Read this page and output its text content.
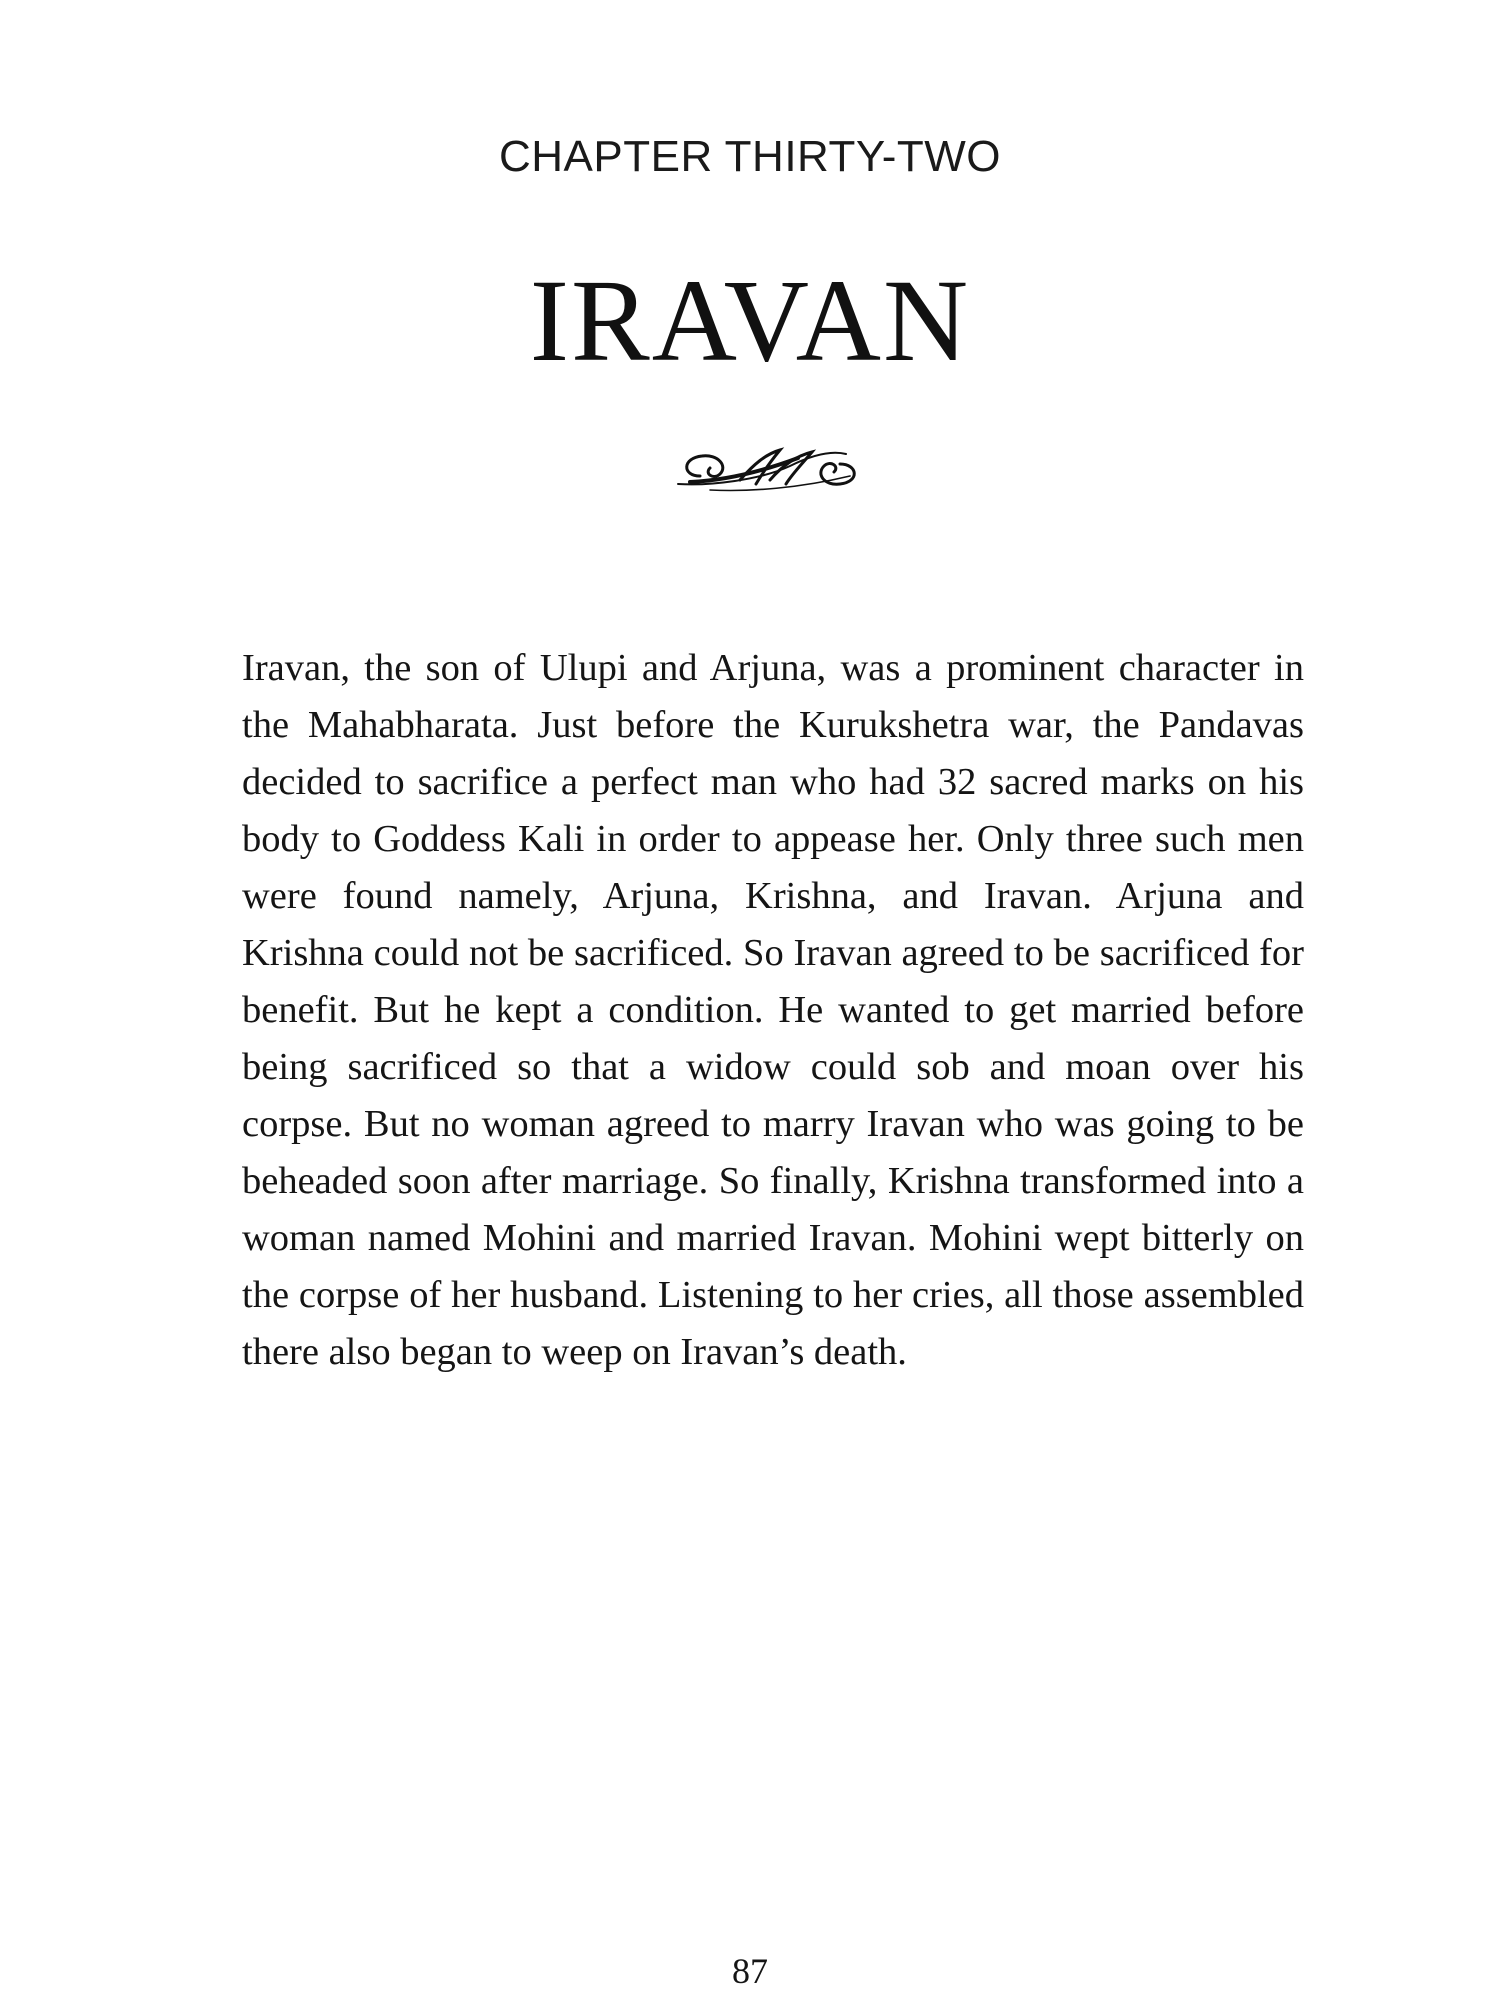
CHAPTER THIRTY-TWO
IRAVAN

Iravan, the son of Ulupi and Arjuna, was a prominent character in the Mahabharata. Just before the Kurukshetra war, the Pandavas decided to sacrifice a perfect man who had 32 sacred marks on his body to Goddess Kali in order to appease her. Only three such men were found namely, Arjuna, Krishna, and Iravan. Arjuna and Krishna could not be sacrificed. So Iravan agreed to be sacrificed for benefit. But he kept a condition. He wanted to get married before being sacrificed so that a widow could sob and moan over his corpse. But no woman agreed to marry Iravan who was going to be beheaded soon after marriage. So finally, Krishna transformed into a woman named Mohini and married Iravan. Mohini wept bitterly on the corpse of her husband. Listening to her cries, all those assembled there also began to weep on Iravan’s death.

87
